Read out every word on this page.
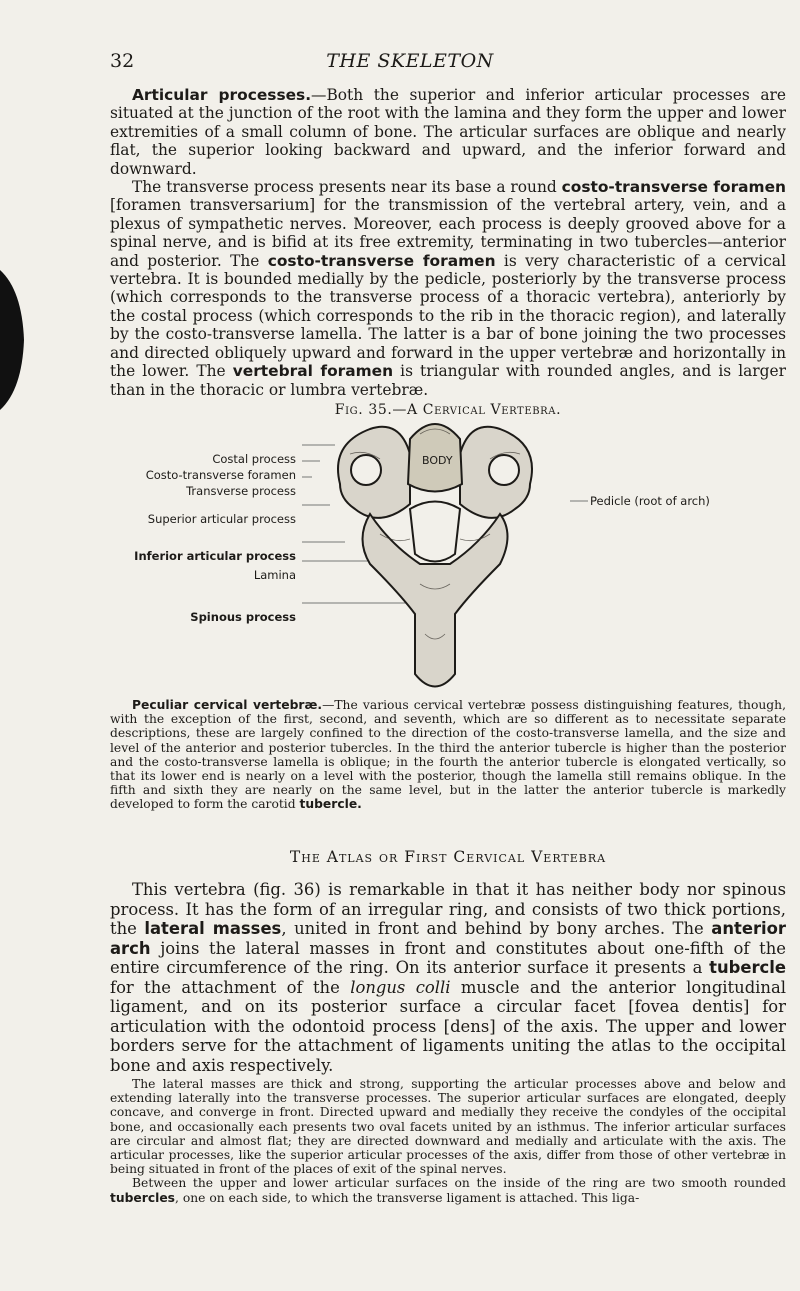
32	THE SKELETON

Articular processes.—Both the superior and inferior articular processes are situated at the junction of the root with the lamina and they form the upper and lower extremities of a small column of bone. The articular surfaces are oblique and nearly flat, the superior looking backward and upward, and the inferior forward and downward.

The transverse process presents near its base a round costo-transverse foramen [foramen transversarium] for the transmission of the vertebral artery, vein, and a plexus of sympathetic nerves. Moreover, each process is deeply grooved above for a spinal nerve, and is bifid at its free extremity, terminating in two tubercles—anterior and posterior. The costo-transverse foramen is very characteristic of a cervical vertebra. It is bounded medially by the pedicle, posteriorly by the transverse process (which corresponds to the transverse process of a thoracic vertebra), anteriorly by the costal process (which corresponds to the rib in the thoracic region), and laterally by the costo-transverse lamella. The latter is a bar of bone joining the two processes and directed obliquely upward and forward in the upper vertebræ and horizontally in the lower. The vertebral foramen is triangular with rounded angles, and is larger than in the thoracic or lumbra vertebræ.

Fig. 35.—A Cervical Vertebra.
Costal process
Costo-transverse foramen
Transverse process
Superior articular process
Inferior articular process
Lamina
Spinous process
BODY
Pedicle (root of arch)

Peculiar cervical vertebræ.—The various cervical vertebræ possess distinguishing features, though, with the exception of the first, second, and seventh, which are so different as to necessitate separate descriptions, these are largely confined to the direction of the costo-transverse lamella, and the size and level of the anterior and posterior tubercles. In the third the anterior tubercle is higher than the posterior and the costo-transverse lamella is oblique; in the fourth the anterior tubercle is elongated vertically, so that its lower end is nearly on a level with the posterior, though the lamella still remains oblique. In the fifth and sixth they are nearly on the same level, but in the latter the anterior tubercle is markedly developed to form the carotid tubercle.

The Atlas or First Cervical Vertebra

This vertebra (fig. 36) is remarkable in that it has neither body nor spinous process. It has the form of an irregular ring, and consists of two thick portions, the lateral masses, united in front and behind by bony arches. The anterior arch joins the lateral masses in front and constitutes about one-fifth of the entire circumference of the ring. On its anterior surface it presents a tubercle for the attachment of the longus colli muscle and the anterior longitudinal ligament, and on its posterior surface a circular facet [fovea dentis] for articulation with the odontoid process [dens] of the axis. The upper and lower borders serve for the attachment of ligaments uniting the atlas to the occipital bone and axis respectively.

The lateral masses are thick and strong, supporting the articular processes above and below and extending laterally into the transverse processes. The superior articular surfaces are elongated, deeply concave, and converge in front. Directed upward and medially they receive the condyles of the occipital bone, and occasionally each presents two oval facets united by an isthmus. The inferior articular surfaces are circular and almost flat; they are directed downward and medially and articulate with the axis. The articular processes, like the superior articular processes of the axis, differ from those of other vertebræ in being situated in front of the places of exit of the spinal nerves.

Between the upper and lower articular surfaces on the inside of the ring are two smooth rounded tubercles, one on each side, to which the transverse ligament is attached. This liga-
